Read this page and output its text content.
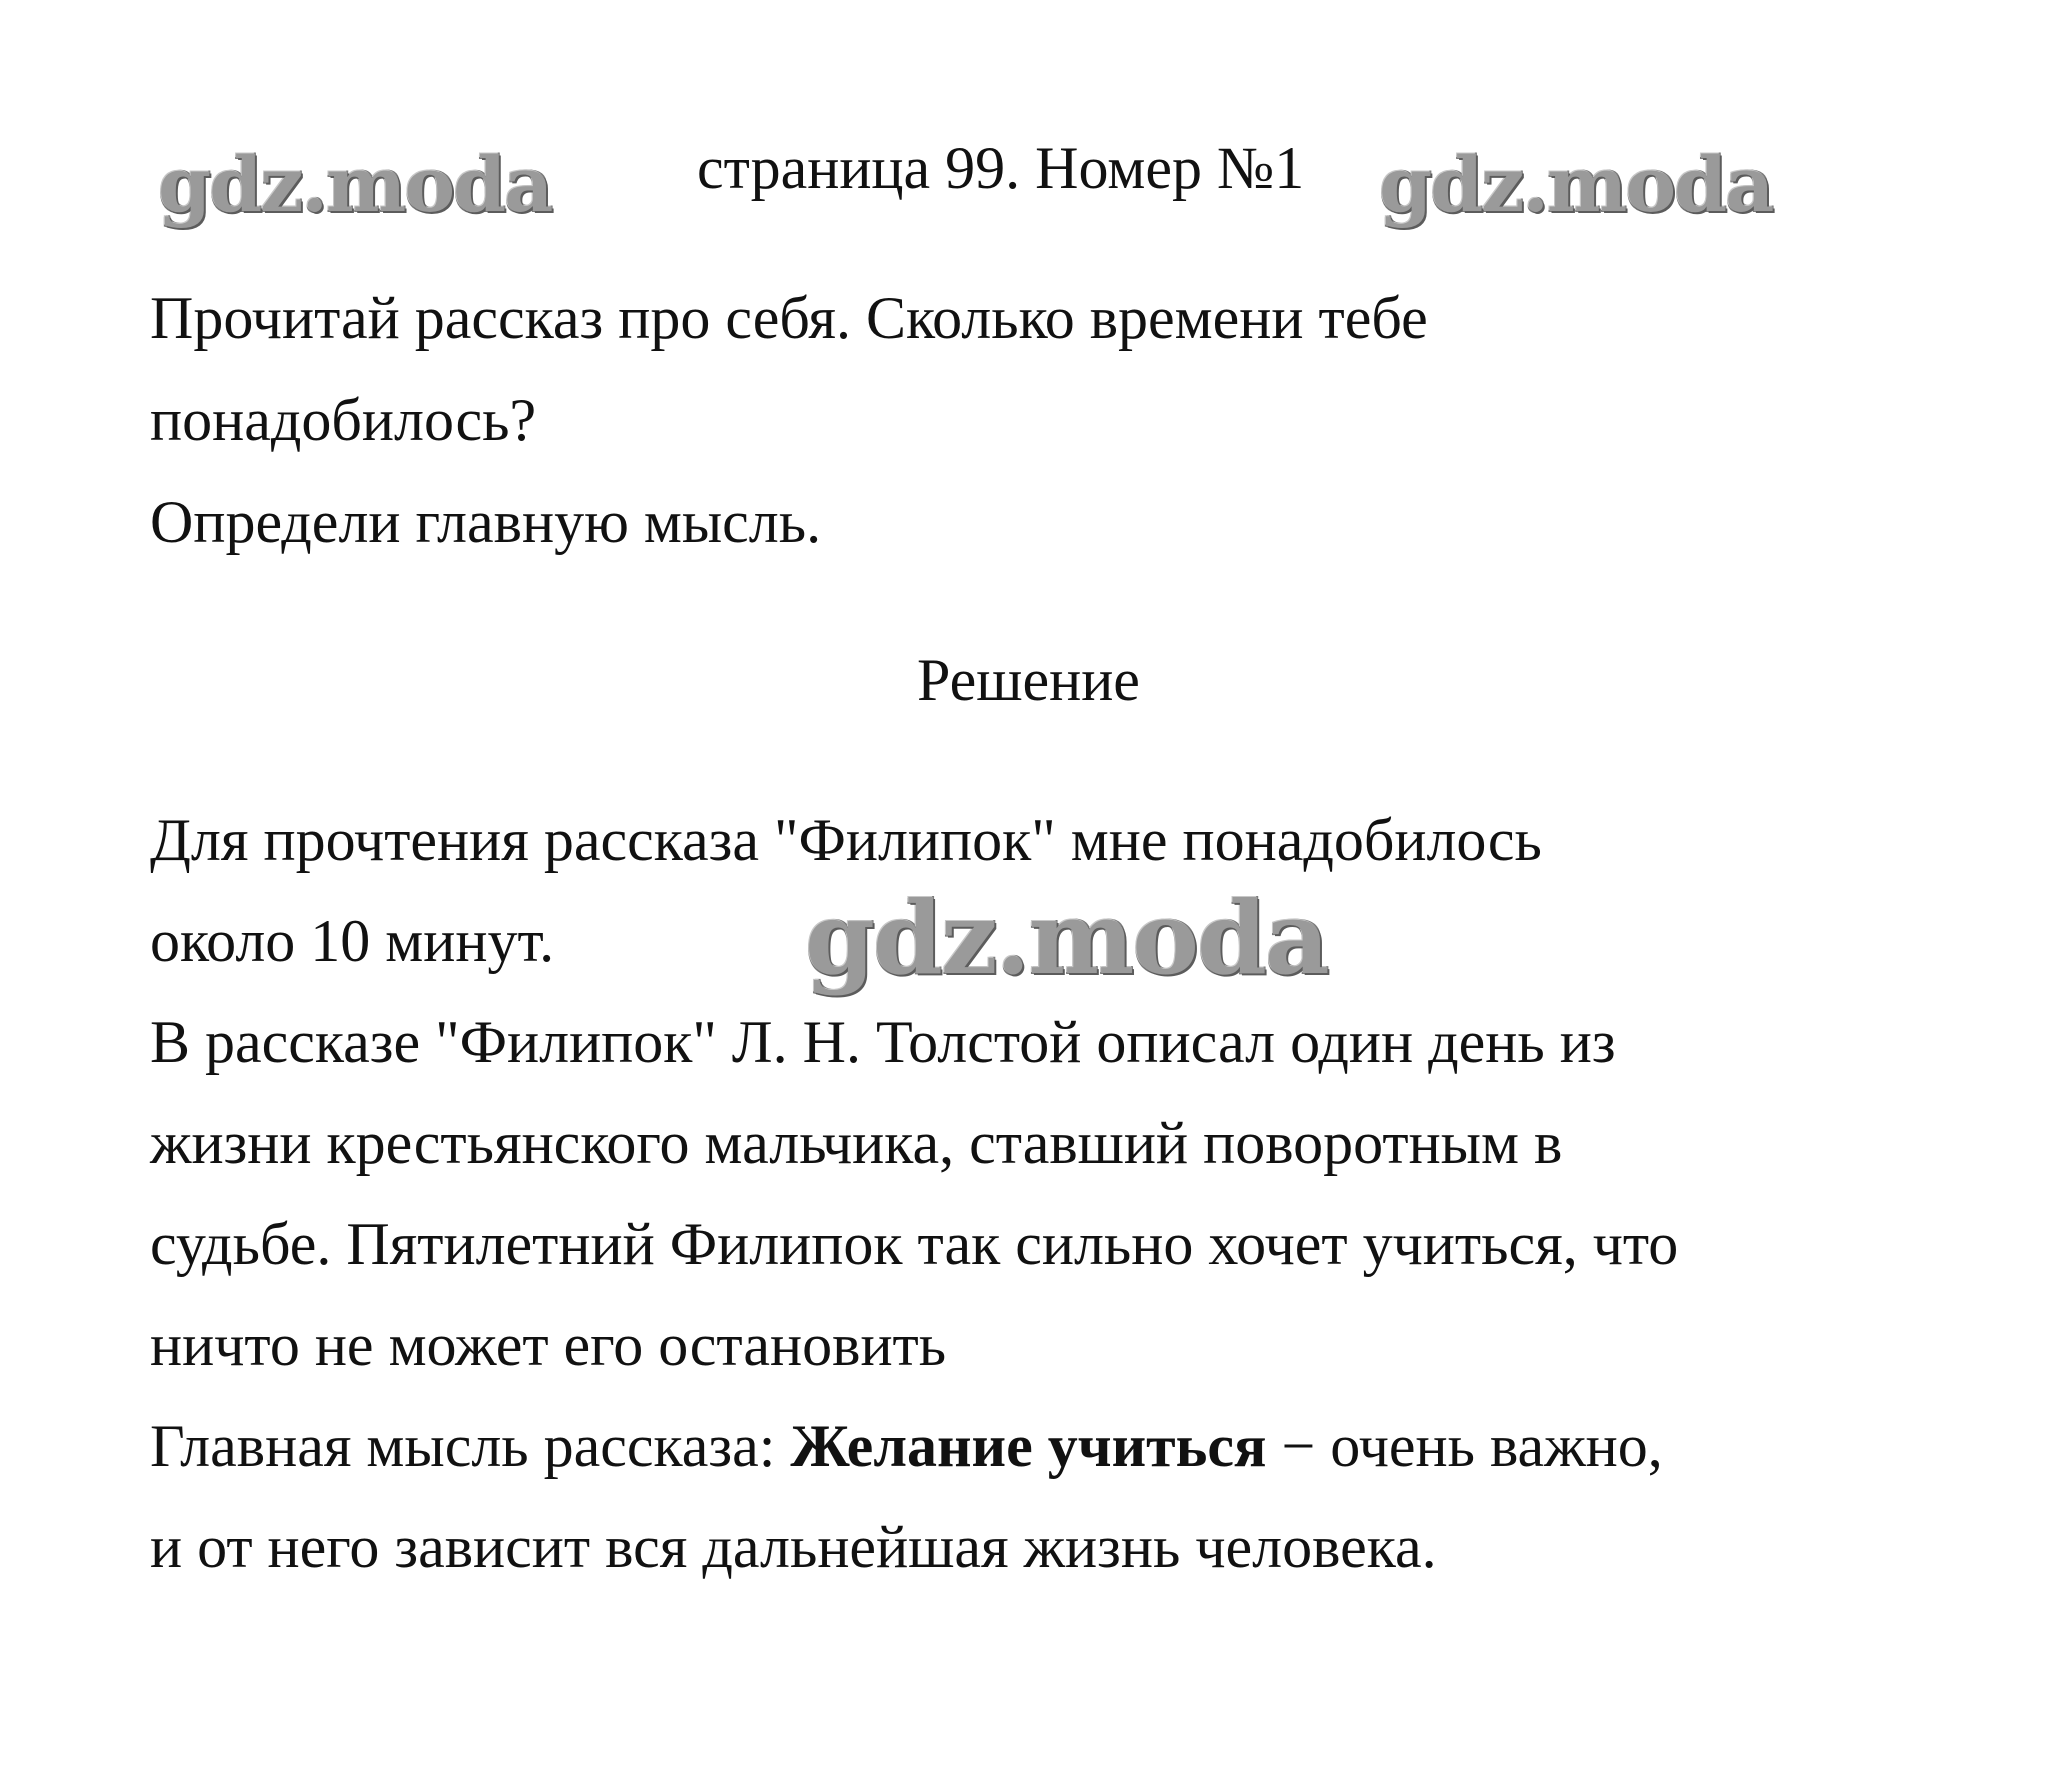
gdz.moda страница 99. Номер №1 gdz.moda
Прочитай рассказ про себя. Сколько времени тебе
понадобилось?
Определи главную мысль.
Решение
Для прочтения рассказа "Филипок" мне понадобилось
около 10 минут.	gdz.moda
В рассказе "Филипок" Л. Н. Толстой описал один день из
жизни крестьянского мальчика, ставший поворотным в
судьбе. Пятилетний Филипок так сильно хочет учиться, что
ничто не может его остановить
Главная мысль рассказа: Желание учиться − очень важно,
и от него зависит вся дальнейшая жизнь человека.
